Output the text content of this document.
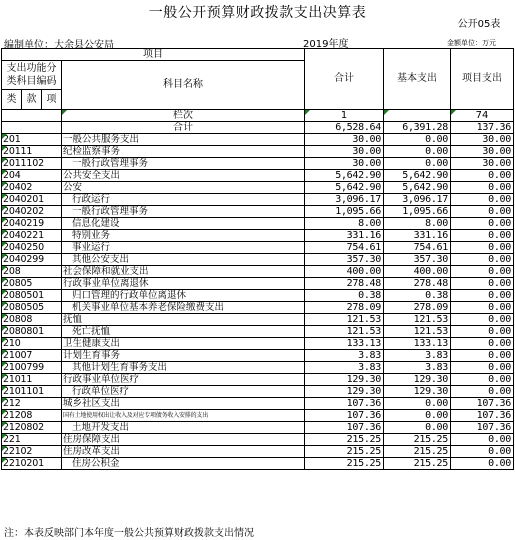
一般公开预算财政拨款支出决算表
公开05表
编制单位：大余县公安局	2019年度	金额单位：万元
项目				合计	基本支出	项目支出

支出功能分
类科目编码			科目名称			

类	款	项				
			栏次	1		74
			合计	6,528.64	6,391.28	137.36
201			一般公共服务支出	30.00	0.00	30.00
20111			纪检监察事务	30.00	0.00	30.00
2011102			一般行政管理事务	30.00	0.00	30.00
204			公共安全支出	5,642.90	5,642.90	0.00
20402			公安	5,642.90	5,642.90	0.00
2040201			行政运行	3,096.17	3,096.17	0.00
2040202			一般行政管理事务	1,095.66	1,095.66	0.00
2040219			信息化建设	8.00	8.00	0.00
2040221			特别业务	331.16	331.16	0.00
2040250			事业运行	754.61	754.61	0.00
2040299			其他公安支出	357.30	357.30	0.00
208			社会保障和就业支出	400.00	400.00	0.00
20805			行政事业单位离退休	278.48	278.48	0.00
2080501			归口管理的行政单位离退休	0.38	0.38	0.00
2080505			机关事业单位基本养老保险缴费支出	278.09	278.09	0.00
20808			抚恤	121.53	121.53	0.00
2080801			死亡抚恤	121.53	121.53	0.00
210			卫生健康支出	133.13	133.13	0.00
21007			计划生育事务	3.83	3.83	0.00
2100799			其他计划生育事务支出	3.83	3.83	0.00
21011			行政事业单位医疗	129.30	129.30	0.00
2101101			行政单位医疗	129.30	129.30	0.00
212			城乡社区支出	107.36	0.00	107.36
21208			国有土地使用权出让收入及对应专项债务收入安排的支出	107.36	0.00	107.36
2120802			土地开发支出	107.36	0.00	107.36
221			住房保障支出	215.25	215.25	0.00
22102			住房改革支出	215.25	215.25	0.00
2210201			住房公积金	215.25	215.25	0.00
注：本表反映部门本年度一般公共预算财政拨款支出情况
